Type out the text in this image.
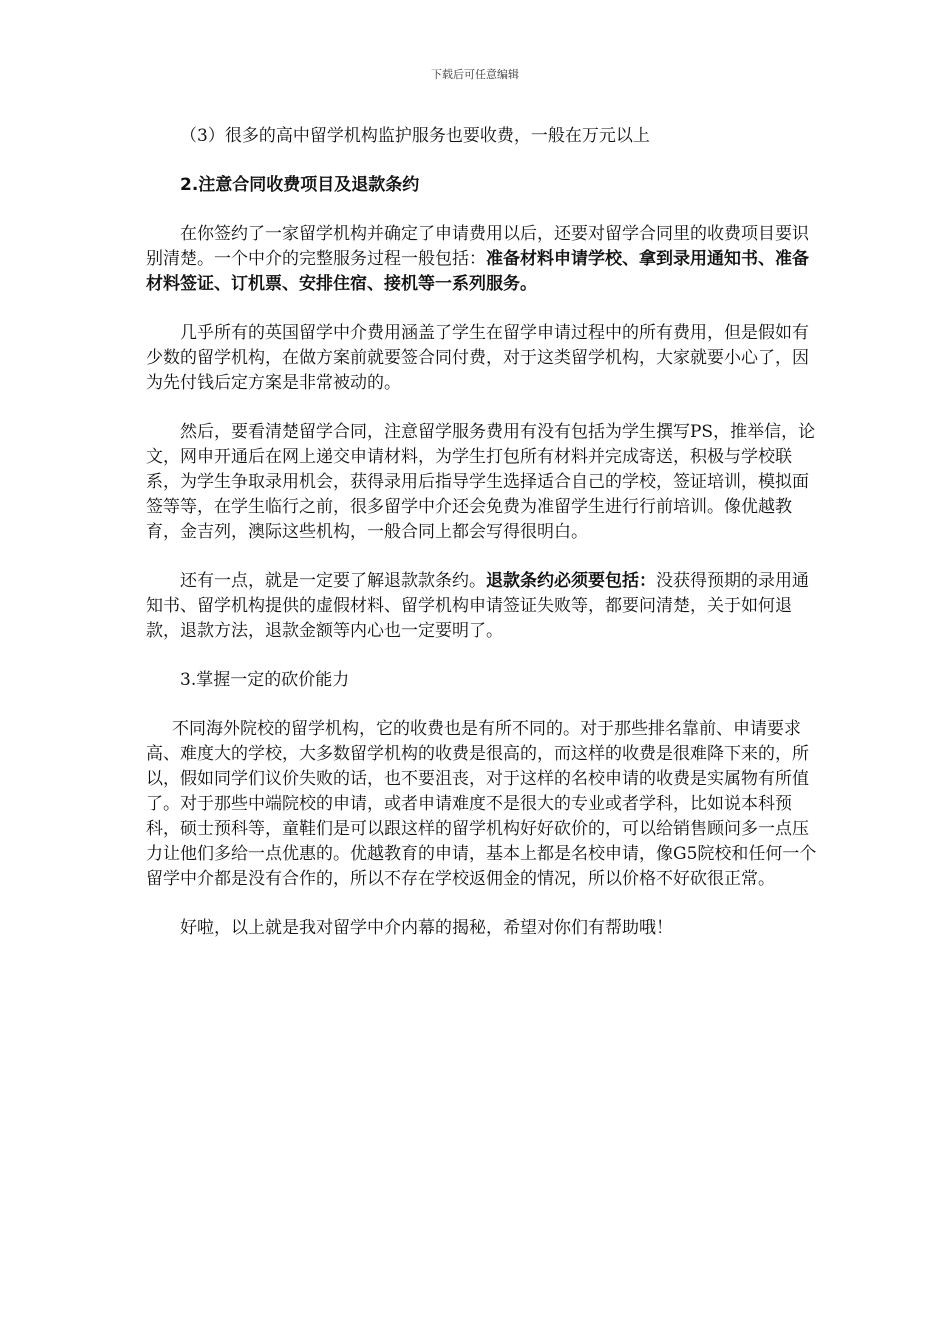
下载后可任意编辑

（3）很多的高中留学机构监护服务也要收费，一般在万元以上

2.注意合同收费项目及退款条约

在你签约了一家留学机构并确定了申请费用以后，还要对留学合同里的收费项目要识别清楚。一个中介的完整服务过程一般包括：准备材料申请学校、拿到录用通知书、准备材料签证、订机票、安排住宿、接机等一系列服务。

几乎所有的英国留学中介费用涵盖了学生在留学申请过程中的所有费用，但是假如有少数的留学机构，在做方案前就要签合同付费，对于这类留学机构，大家就要小心了，因为先付钱后定方案是非常被动的。

然后，要看清楚留学合同，注意留学服务费用有没有包括为学生撰写PS，推举信，论文，网申开通后在网上递交申请材料，为学生打包所有材料并完成寄送，积极与学校联系，为学生争取录用机会，获得录用后指导学生选择适合自己的学校，签证培训，模拟面签等等，在学生临行之前，很多留学中介还会免费为准留学生进行行前培训。像优越教育，金吉列，澳际这些机构，一般合同上都会写得很明白。

还有一点，就是一定要了解退款款条约。退款条约必须要包括：没获得预期的录用通知书、留学机构提供的虚假材料、留学机构申请签证失败等，都要问清楚，关于如何退款，退款方法，退款金额等内心也一定要明了。

3.掌握一定的砍价能力

不同海外院校的留学机构，它的收费也是有所不同的。对于那些排名靠前、申请要求高、难度大的学校，大多数留学机构的收费是很高的，而这样的收费是很难降下来的，所以，假如同学们议价失败的话，也不要沮丧，对于这样的名校申请的收费是实属物有所值了。对于那些中端院校的申请，或者申请难度不是很大的专业或者学科，比如说本科预科，硕士预科等，童鞋们是可以跟这样的留学机构好好砍价的，可以给销售顾问多一点压力让他们多给一点优惠的。优越教育的申请，基本上都是名校申请，像G5院校和任何一个留学中介都是没有合作的，所以不存在学校返佣金的情况，所以价格不好砍很正常。

好啦，以上就是我对留学中介内幕的揭秘，希望对你们有帮助哦！
